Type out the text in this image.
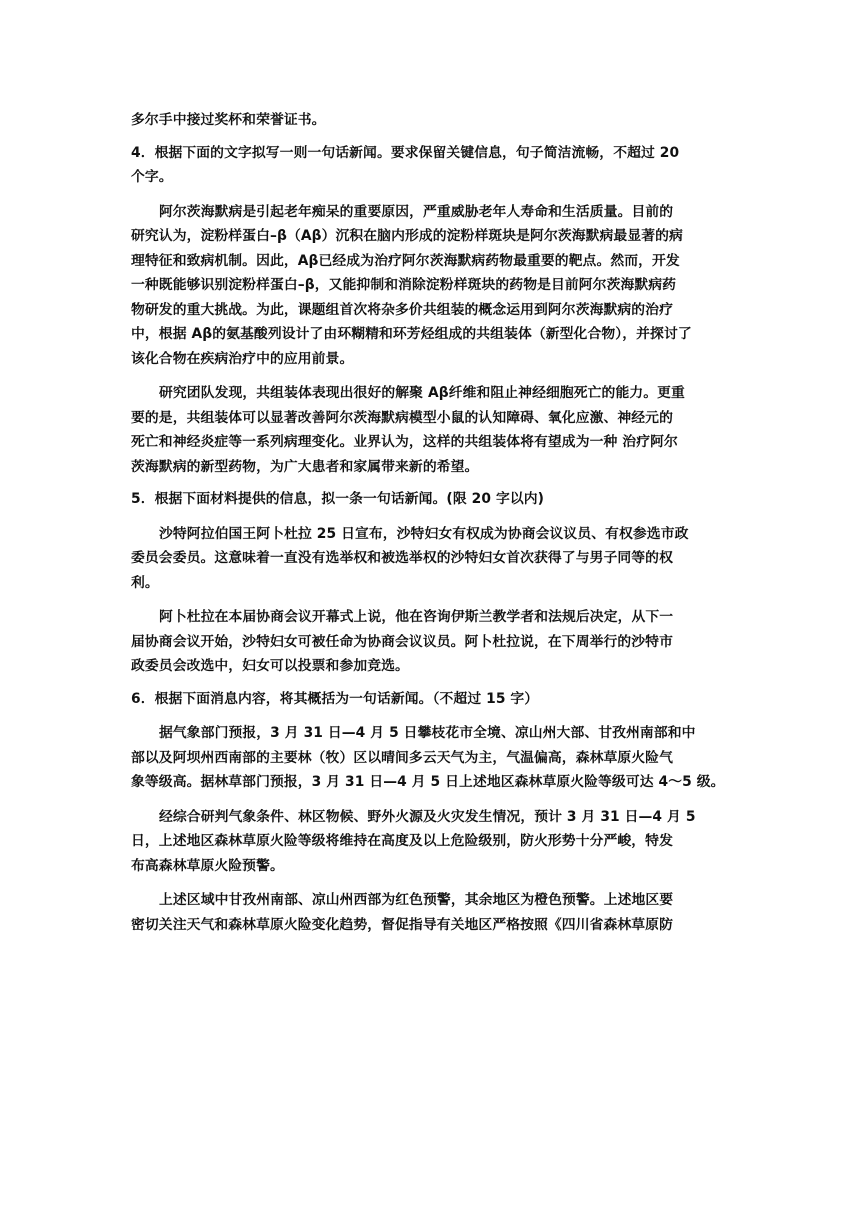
多尔手中接过奖杯和荣誉证书。

4．根据下面的文字拟写一则一句话新闻。要求保留关键信息，句子简洁流畅，不超过 20

个字。

阿尔茨海默病是引起老年痴呆的重要原因，严重威胁老年人寿命和生活质量。目前的

研究认为，淀粉样蛋白–β（Aβ）沉积在脑内形成的淀粉样斑块是阿尔茨海默病最显著的病

理特征和致病机制。因此，Aβ已经成为治疗阿尔茨海默病药物最重要的靶点。然而，开发

一种既能够识别淀粉样蛋白–β，又能抑制和消除淀粉样斑块的药物是目前阿尔茨海默病药

物研发的重大挑战。为此，课题组首次将杂多价共组装的概念运用到阿尔茨海默病的治疗

中，根据 Aβ的氨基酸列设计了由环糊精和环芳烃组成的共组装体（新型化合物），并探讨了

该化合物在疾病治疗中的应用前景。

研究团队发现，共组装体表现出很好的解聚 Aβ纤维和阻止神经细胞死亡的能力。更重

要的是，共组装体可以显著改善阿尔茨海默病模型小鼠的认知障碍、氧化应激、神经元的

死亡和神经炎症等一系列病理变化。业界认为，这样的共组装体将有望成为一种 治疗阿尔

茨海默病的新型药物，为广大患者和家属带来新的希望。

5．根据下面材料提供的信息，拟一条一句话新闻。(限 20 字以内)

沙特阿拉伯国王阿卜杜拉 25 日宣布，沙特妇女有权成为协商会议议员、有权参选市政

委员会委员。这意味着一直没有选举权和被选举权的沙特妇女首次获得了与男子同等的权

利。

阿卜杜拉在本届协商会议开幕式上说，他在咨询伊斯兰教学者和法规后决定，从下一

届协商会议开始，沙特妇女可被任命为协商会议议员。阿卜杜拉说，在下周举行的沙特市

政委员会改选中，妇女可以投票和参加竞选。

6．根据下面消息内容，将其概括为一句话新闻。（不超过 15 字）

据气象部门预报，3 月 31 日—4 月 5 日攀枝花市全境、凉山州大部、甘孜州南部和中

部以及阿坝州西南部的主要林（牧）区以晴间多云天气为主，气温偏高，森林草原火险气

象等级高。据林草部门预报，3 月 31 日—4 月 5 日上述地区森林草原火险等级可达 4～5 级。

经综合研判气象条件、林区物候、野外火源及火灾发生情况，预计 3 月 31 日—4 月 5

日，上述地区森林草原火险等级将维持在高度及以上危险级别，防火形势十分严峻，特发

布高森林草原火险预警。

上述区域中甘孜州南部、凉山州西部为红色预警，其余地区为橙色预警。上述地区要

密切关注天气和森林草原火险变化趋势，督促指导有关地区严格按照《四川省森林草原防
